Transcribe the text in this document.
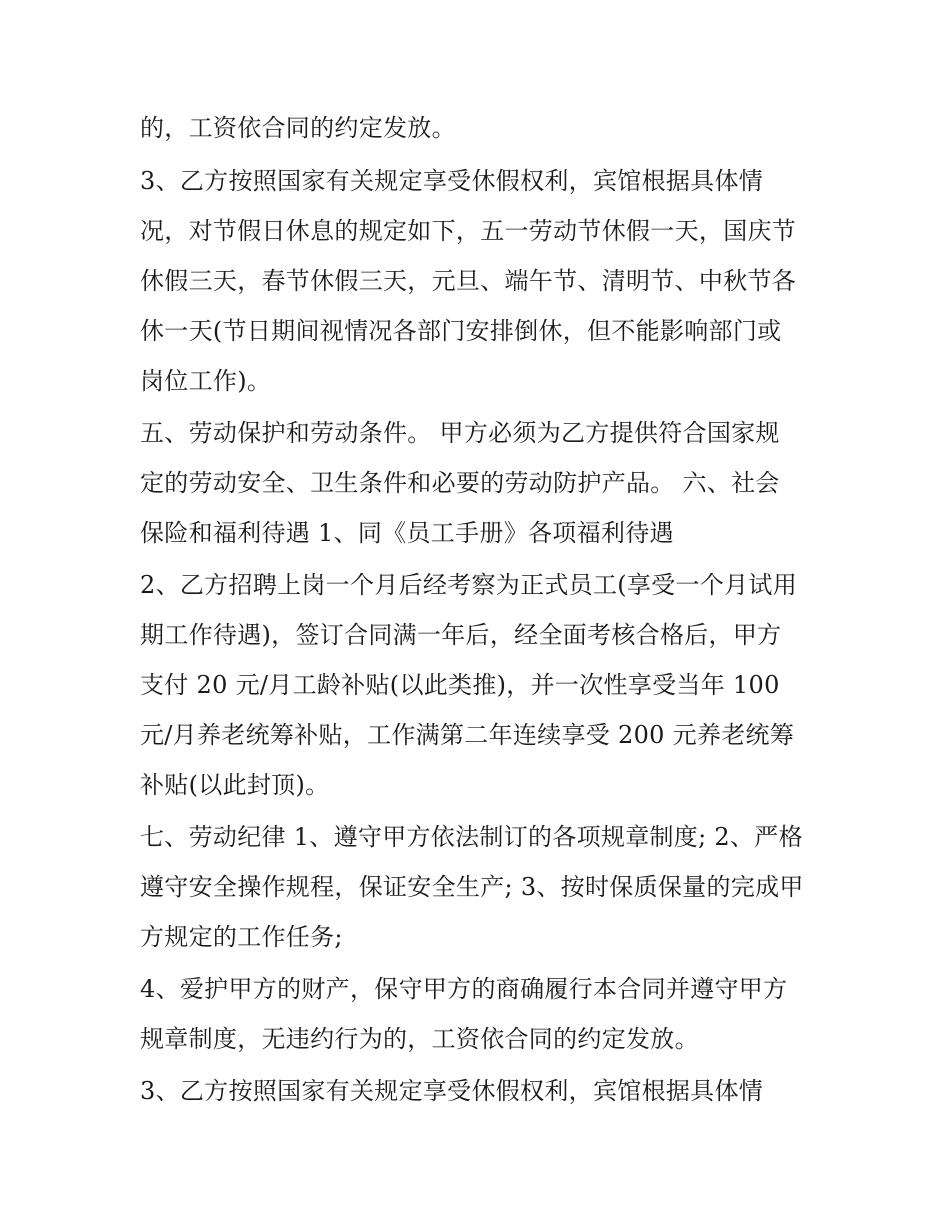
的，工资依合同的约定发放。
3、乙方按照国家有关规定享受休假权利，宾馆根据具体情
况，对节假日休息的规定如下，五一劳动节休假一天，国庆节
休假三天，春节休假三天，元旦、端午节、清明节、中秋节各
休一天(节日期间视情况各部门安排倒休，但不能影响部门或
岗位工作)。
五、劳动保护和劳动条件。 甲方必须为乙方提供符合国家规
定的劳动安全、卫生条件和必要的劳动防护产品。 六、社会
保险和福利待遇 1、同《员工手册》各项福利待遇
2、乙方招聘上岗一个月后经考察为正式员工(享受一个月试用
期工作待遇)，签订合同满一年后，经全面考核合格后，甲方
支付 20 元/月工龄补贴(以此类推)，并一次性享受当年 100
元/月养老统筹补贴，工作满第二年连续享受 200 元养老统筹
补贴(以此封顶)。
七、劳动纪律 1、遵守甲方依法制订的各项规章制度; 2、严格
遵守安全操作规程，保证安全生产; 3、按时保质保量的完成甲
方规定的工作任务;
4、爱护甲方的财产，保守甲方的商确履行本合同并遵守甲方
规章制度，无违约行为的，工资依合同的约定发放。
3、乙方按照国家有关规定享受休假权利，宾馆根据具体情
